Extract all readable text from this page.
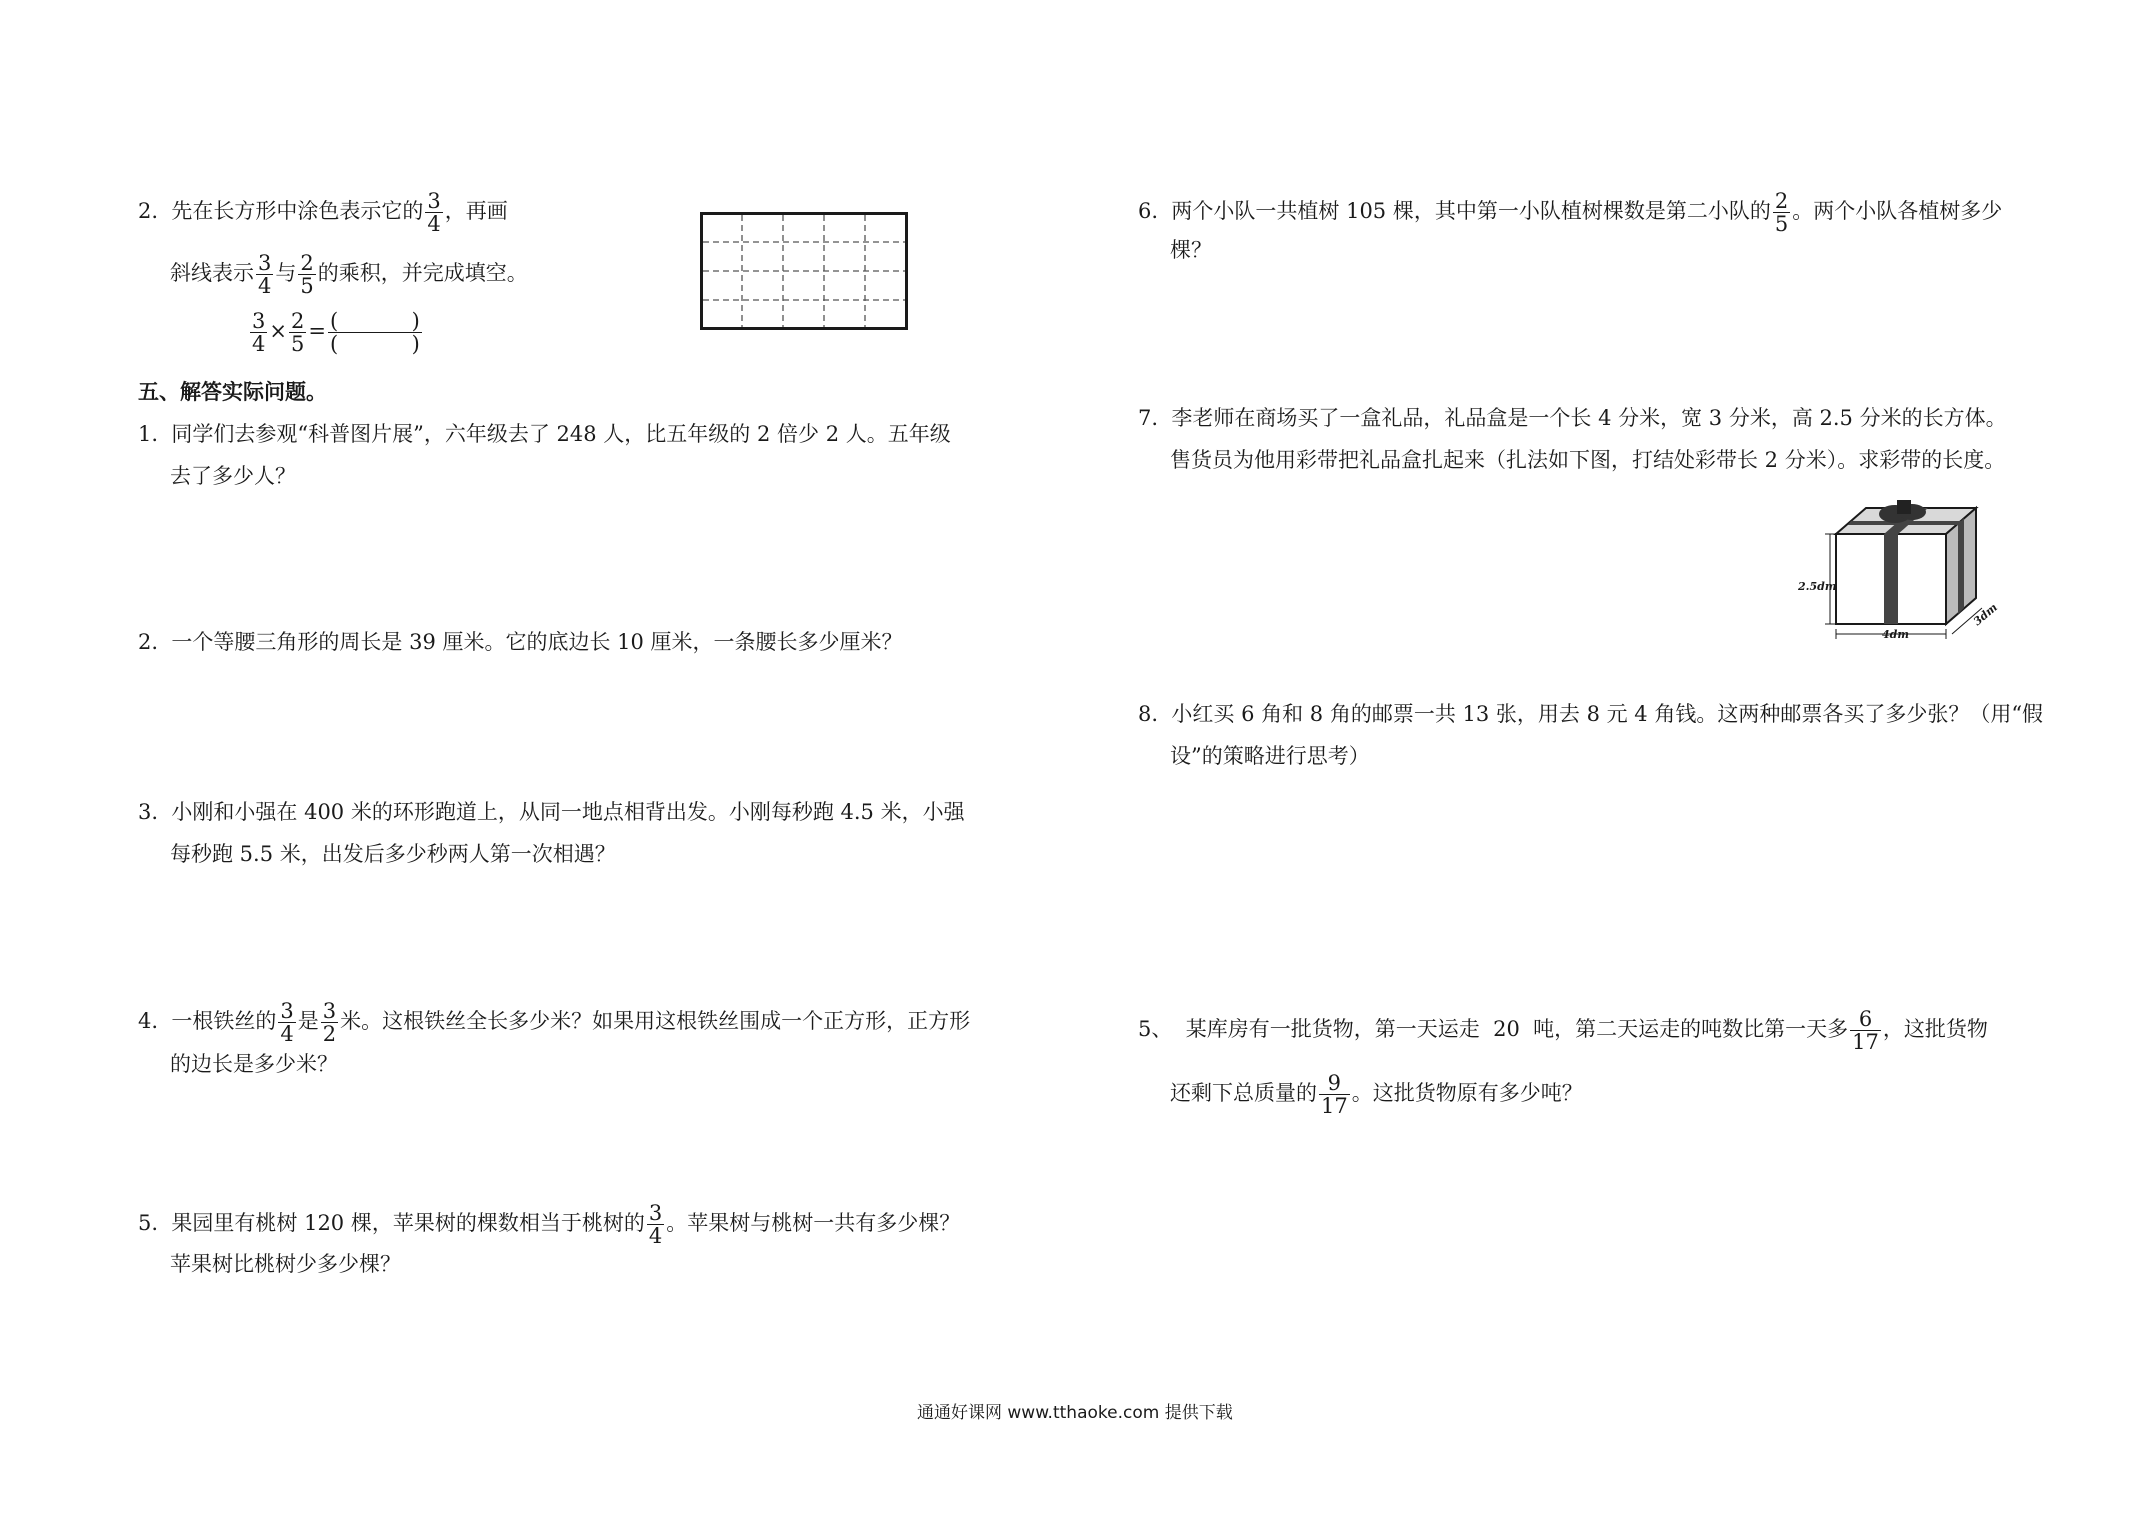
2. 先在长方形中涂色表示它的 $\frac{3}{4}$ ，再画
斜线表示 $\frac{3}{4}$ 与 $\frac{2}{5}$ 的乘积，并完成填空。
$\frac{3}{4} \times \frac{2}{5} = \frac{( )}{( )}$
五、解答实际问题。
1. 同学们去参观“科普图片展”，六年级去了 248 人，比五年级的 2 倍少 2 人。五年级
去了多少人？
2. 一个等腰三角形的周长是 39 厘米。它的底边长 10 厘米，一条腰长多少厘米？
3. 小刚和小强在 400 米的环形跑道上，从同一地点相背出发。小刚每秒跑 4.5 米，小强
每秒跑 5.5 米，出发后多少秒两人第一次相遇？
4. 一根铁丝的 $\frac{3}{4}$ 是 $\frac{3}{2}$ 米。这根铁丝全长多少米？如果用这根铁丝围成一个正方形，正方形
的边长是多少米？
5. 果园里有桃树 120 棵，苹果树的棵数相当于桃树的 $\frac{3}{4}$ 。苹果树与桃树一共有多少棵？
苹果树比桃树少多少棵？
6. 两个小队一共植树 105 棵，其中第一小队植树棵数是第二小队的 $\frac{2}{5}$ 。两个小队各植树多少
棵？
7. 李老师在商场买了一盒礼品，礼品盒是一个长 4 分米，宽 3 分米，高 2.5 分米的长方体。
售货员为他用彩带把礼品盒扎起来（扎法如下图，打结处彩带长 2 分米）。求彩带的长度。
2.5dm
4dm
3dm
8. 小红买 6 角和 8 角的邮票一共 13 张，用去 8 元 4 角钱。这两种邮票各买了多少张？（用“假
设”的策略进行思考）
5、 某库房有一批货物，第一天运走  20  吨，第二天运走的吨数比第一天多 $\frac{6}{17}$ ，这批货物
还剩下总质量的 $\frac{9}{17}$ 。这批货物原有多少吨？
通通好课网 www.tthaoke.com 提供下载
